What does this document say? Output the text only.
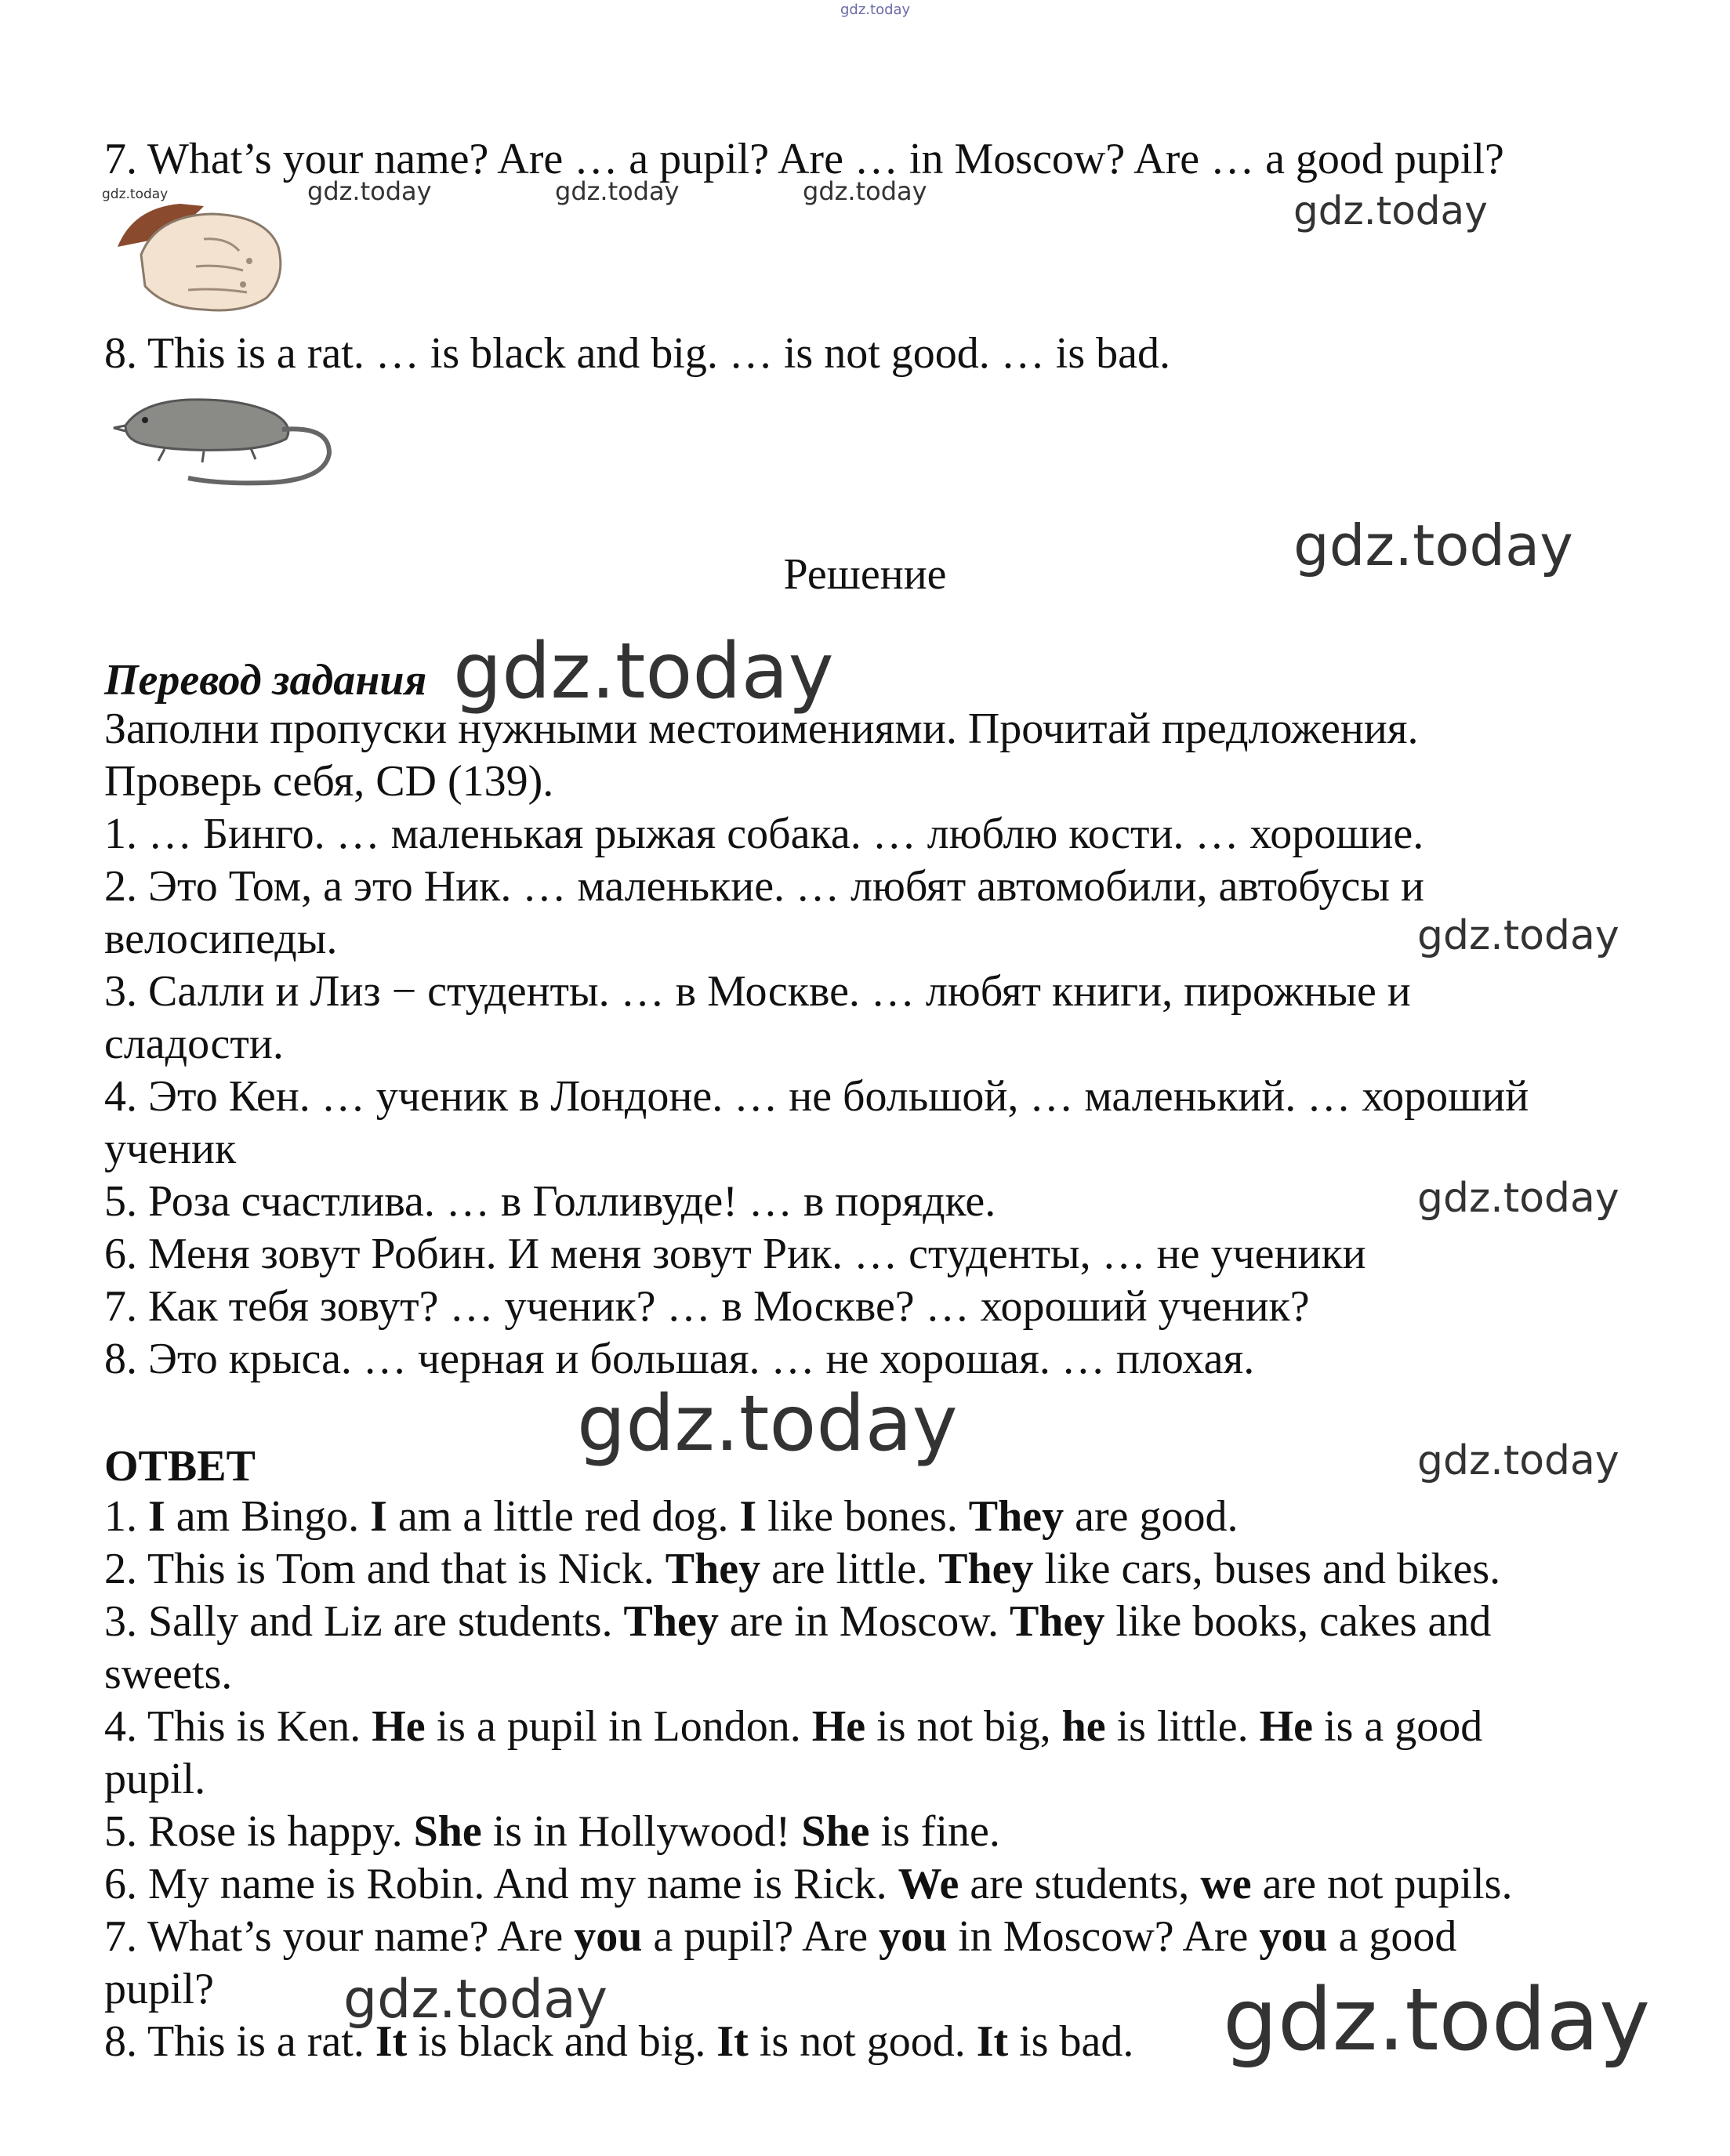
gdz.today
gdz.today	gdz.today	gdz.today	gdz.today	gdz.today
gdz.today
gdz.today
gdz.today
gdz.today
gdz.today	gdz.today
gdz.today	gdz.today
7. What’s your name? Are … a pupil? Are … in Moscow? Are … a good pupil?
8. This is a rat. … is black and big. … is not good. … is bad.
Решение
Перевод задания
Заполни пропуски нужными местоимениями. Прочитай предложения.
Проверь себя, CD (139).
1. … Бинго. … маленькая рыжая собака. … люблю кости. … хорошие.
2. Это Том, а это Ник. … маленькие. … любят автомобили, автобусы и
велосипеды.
3. Салли и Лиз − студенты. … в Москве. … любят книги, пирожные и
сладости.
4. Это Кен. … ученик в Лондоне. … не большой, … маленький. … хороший
ученик
5. Роза счастлива. … в Голливуде! … в порядке.
6. Меня зовут Робин. И меня зовут Рик. … студенты, … не ученики
7. Как тебя зовут? … ученик? … в Москве? … хороший ученик?
8. Это крыса. … черная и большая. … не хорошая. … плохая.
ОТВЕТ
1. I am Bingo. I am a little red dog. I like bones. They are good.
2. This is Tom and that is Nick. They are little. They like cars, buses and bikes.
3. Sally and Liz are students. They are in Moscow. They like books, cakes and
sweets.
4. This is Ken. He is a pupil in London. He is not big, he is little. He is a good
pupil.
5. Rose is happy. She is in Hollywood! She is fine.
6. My name is Robin. And my name is Rick. We are students, we are not pupils.
7. What’s your name? Are you a pupil? Are you in Moscow? Are you a good
pupil?
8. This is a rat. It is black and big. It is not good. It is bad.
